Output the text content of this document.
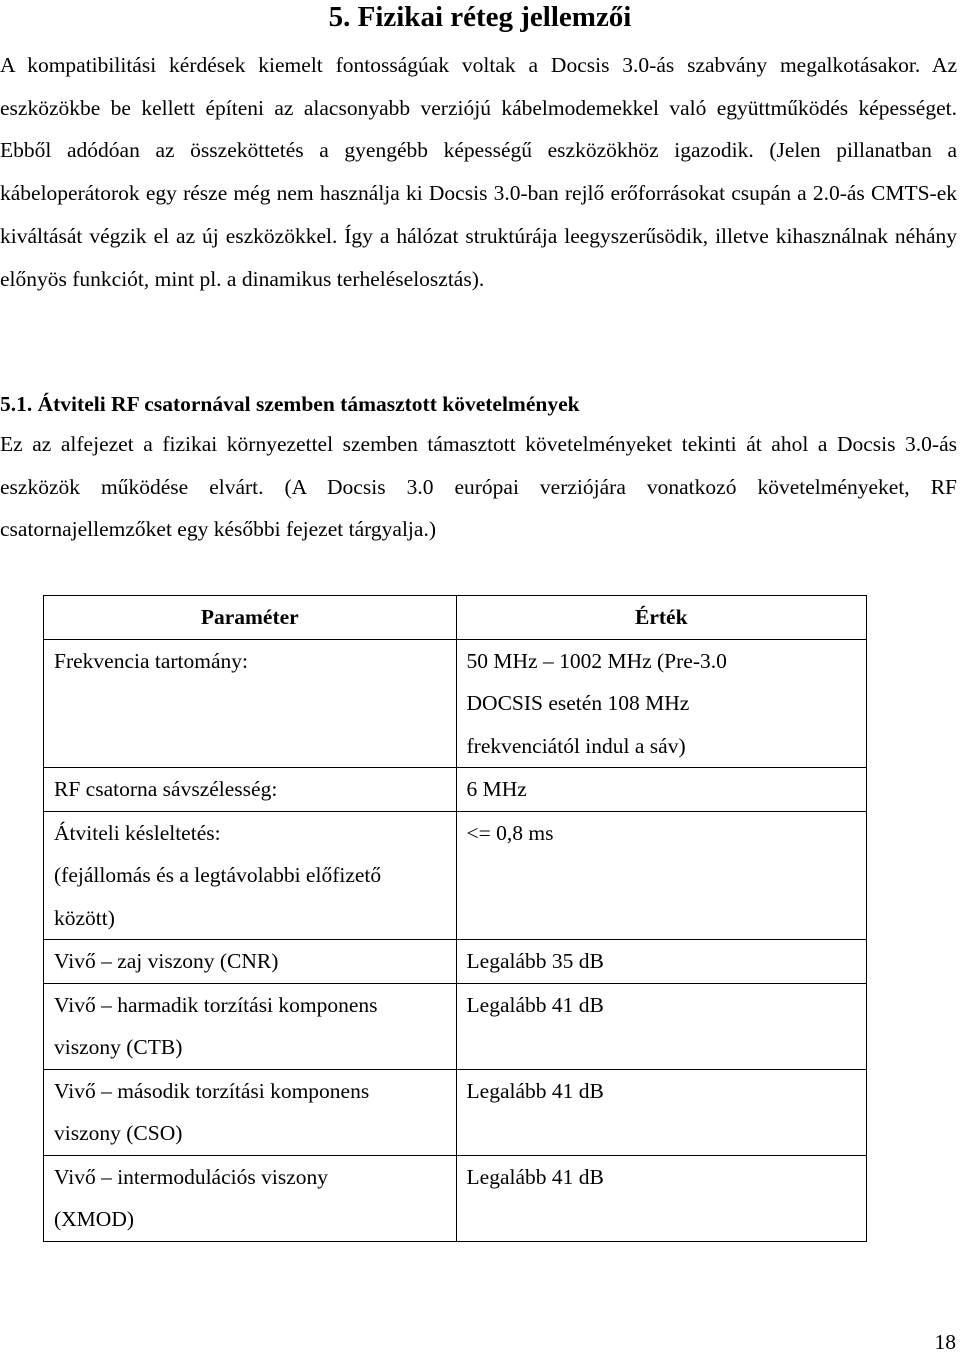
5. Fizikai réteg jellemzői

A kompatibilitási kérdések kiemelt fontosságúak voltak a Docsis 3.0-ás szabvány megalkotásakor. Az eszközökbe be kellett építeni az alacsonyabb verziójú kábelmodemekkel való együttműködés képességet. Ebből adódóan az összeköttetés a gyengébb képességű eszközökhöz igazodik. (Jelen pillanatban a kábeloperátorok egy része még nem használja ki Docsis 3.0-ban rejlő erőforrásokat csupán a 2.0-ás CMTS-ek kiváltását végzik el az új eszközökkel. Így a hálózat struktúrája leegyszerűsödik, illetve kihasználnak néhány előnyös funkciót, mint pl. a dinamikus terheléselosztás).

5.1. Átviteli RF csatornával szemben támasztott követelmények

Ez az alfejezet a fizikai környezettel szemben támasztott követelményeket tekinti át ahol a Docsis 3.0-ás eszközök működése elvárt. (A Docsis 3.0 európai verziójára vonatkozó követelményeket, RF csatornajellemzőket egy későbbi fejezet tárgyalja.)

Paraméter	Érték

Frekvencia tartomány:	50 MHz – 1002 MHz (Pre-3.0
DOCSIS esetén 108 MHz
frekvenciától indul a sáv)

RF csatorna sávszélesség:	6 MHz

Átviteli késleltetés:
(fejállomás és a legtávolabbi előfizető
között)	<= 0,8 ms

Vivő – zaj viszony (CNR)	Legalább 35 dB

Vivő – harmadik torzítási komponens
viszony (CTB)	Legalább 41 dB

Vivő – második torzítási komponens
viszony (CSO)	Legalább 41 dB

Vivő – intermodulációs viszony
(XMOD)	Legalább 41 dB
18
